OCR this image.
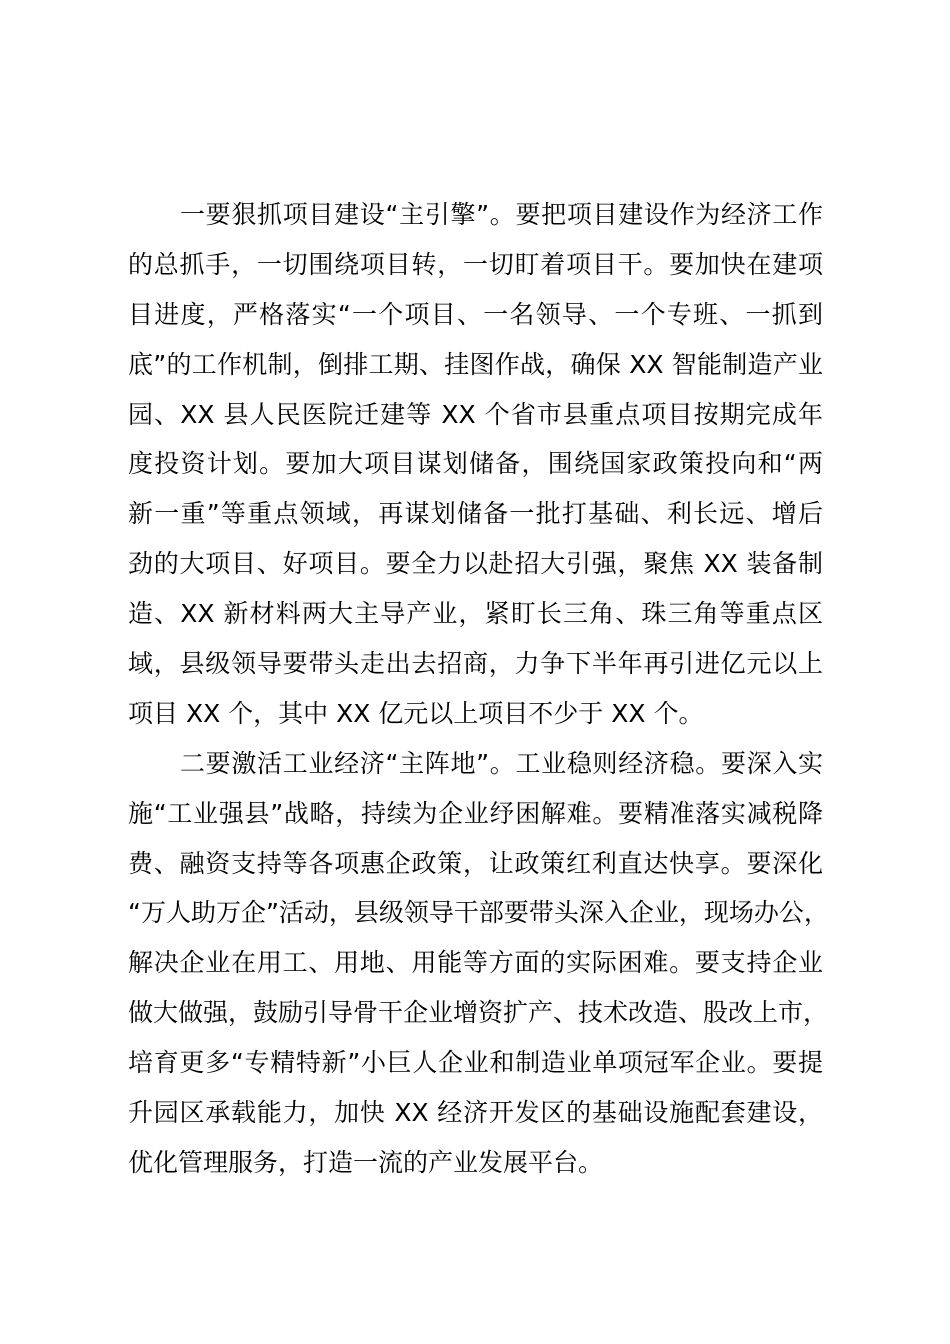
一要狠抓项目建设“主引擎”。要把项目建设作为经济工作
的总抓手，一切围绕项目转，一切盯着项目干。要加快在建项
目进度，严格落实“一个项目、一名领导、一个专班、一抓到
底”的工作机制，倒排工期、挂图作战，确保 XX 智能制造产业
园、XX 县人民医院迁建等 XX 个省市县重点项目按期完成年
度投资计划。要加大项目谋划储备，围绕国家政策投向和“两
新一重”等重点领域，再谋划储备一批打基础、利长远、增后
劲的大项目、好项目。要全力以赴招大引强，聚焦 XX 装备制
造、XX 新材料两大主导产业，紧盯长三角、珠三角等重点区
域，县级领导要带头走出去招商，力争下半年再引进亿元以上
项目 XX 个，其中 XX 亿元以上项目不少于 XX 个。
二要激活工业经济“主阵地”。工业稳则经济稳。要深入实
施“工业强县”战略，持续为企业纾困解难。要精准落实减税降
费、融资支持等各项惠企政策，让政策红利直达快享。要深化
“万人助万企”活动，县级领导干部要带头深入企业，现场办公，
解决企业在用工、用地、用能等方面的实际困难。要支持企业
做大做强，鼓励引导骨干企业增资扩产、技术改造、股改上市，
培育更多“专精特新”小巨人企业和制造业单项冠军企业。要提
升园区承载能力，加快 XX 经济开发区的基础设施配套建设，
优化管理服务，打造一流的产业发展平台。
